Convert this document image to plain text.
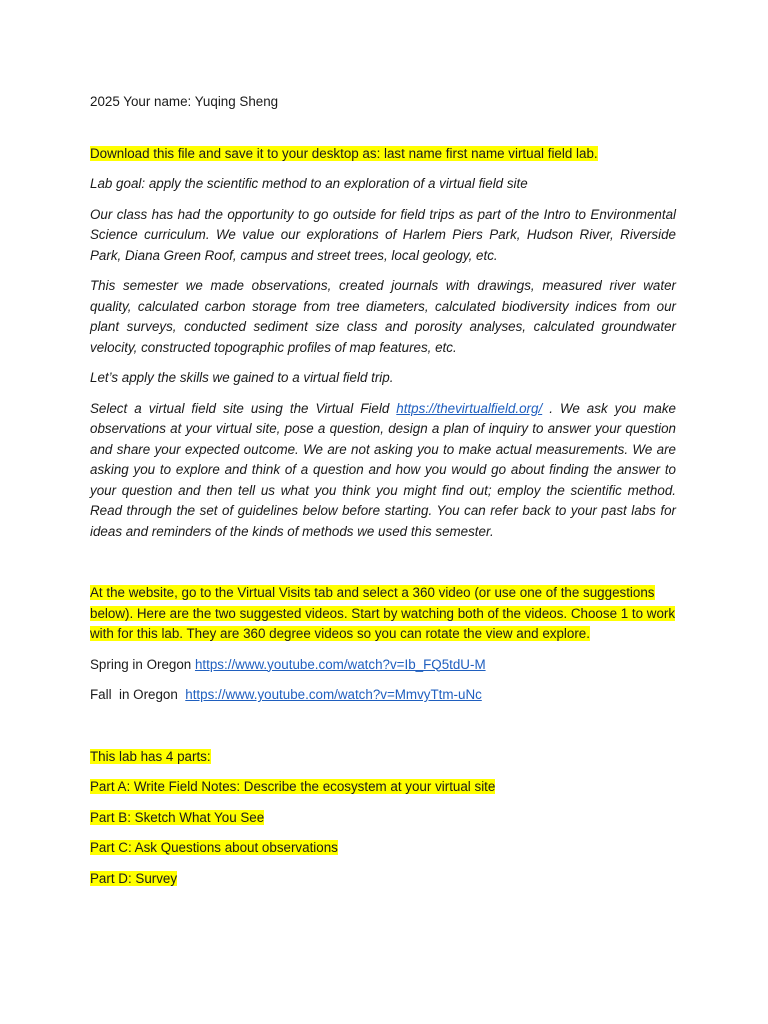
2025 Your name: Yuqing Sheng

Download this file and save it to your desktop as: last name first name virtual field lab.

Lab goal: apply the scientific method to an exploration of a virtual field site

Our class has had the opportunity to go outside for field trips as part of the Intro to Environmental Science curriculum. We value our explorations of Harlem Piers Park, Hudson River, Riverside Park, Diana Green Roof, campus and street trees, local geology, etc.

This semester we made observations, created journals with drawings, measured river water quality, calculated carbon storage from tree diameters, calculated biodiversity indices from our plant surveys, conducted sediment size class and porosity analyses, calculated groundwater velocity, constructed topographic profiles of map features, etc.

Let’s apply the skills we gained to a virtual field trip.

Select a virtual field site using the Virtual Field https://thevirtualfield.org/ . We ask you make observations at your virtual site, pose a question, design a plan of inquiry to answer your question and share your expected outcome. We are not asking you to make actual measurements. We are asking you to explore and think of a question and how you would go about finding the answer to your question and then tell us what you think you might find out; employ the scientific method. Read through the set of guidelines below before starting. You can refer back to your past labs for ideas and reminders of the kinds of methods we used this semester.

At the website, go to the Virtual Visits tab and select a 360 video (or use one of the suggestions below). Here are the two suggested videos. Start by watching both of the videos. Choose 1 to work with for this lab. They are 360 degree videos so you can rotate the view and explore.

Spring in Oregon https://www.youtube.com/watch?v=Ib_FQ5tdU-M

Fall  in Oregon  https://www.youtube.com/watch?v=MmvyTtm-uNc

This lab has 4 parts:

Part A: Write Field Notes: Describe the ecosystem at your virtual site

Part B: Sketch What You See

Part C: Ask Questions about observations

Part D: Survey
